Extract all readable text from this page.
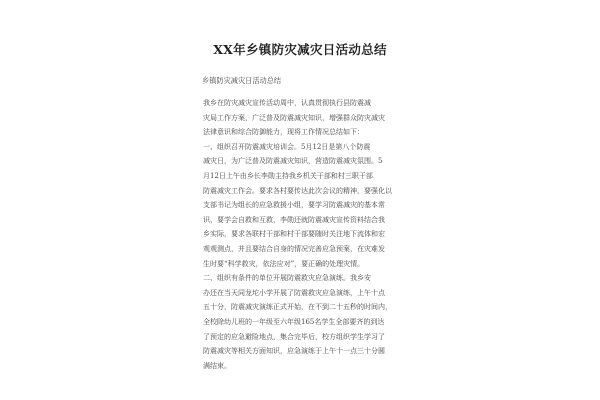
XX年乡镇防灾减灾日活动总结
乡镇防灾减灾日活动总结
我乡在防灾减灾宣传活动周中，认真贯彻执行县防震减
灾局工作方案，广泛普及防震减灾知识，增强群众防灾减灾
法律意识和综合防御能力，现将工作情况总结如下：
一、组织召开防震减灾培训会。5月12日是第八个防震
减灾日，为广泛普及防震减灾知识，营造防震减灾氛围。5
月12日上午由乡长李勋主持我乡机关干部和村三职干部
防震减灾工作会。要求各村要传达此次会议的精神，要强化以
支部书记为组长的应急救援小组，要学习防震减灾的基本常
识，要学会自救和互救，李勋还就防震减灾宣传资料结合我
乡实际，要求各联村干部和村干部要随时关注地下流体和宏
观观测点，并且要结合自身的情况完善应急预案，在灾难发
生时要“科学救灾，依法应对”，要正确的处理灾情。
二、组织有条件的单位开展防震救灾应急演练。我乡安
办还在当天同龙坨小学开展了防震救灾应急演练，上午十点
五十分，防震减灾演练正式开始，在不到二十五秒的时间内，
全校除幼儿班的一年级至六年级165名学生全部要齐的到达
了预定的应急避险地点，集合完毕后，校方组织学生学习了
防震减灾等相关方面知识，应急演练于上午十一点三十分圆
满结束。
